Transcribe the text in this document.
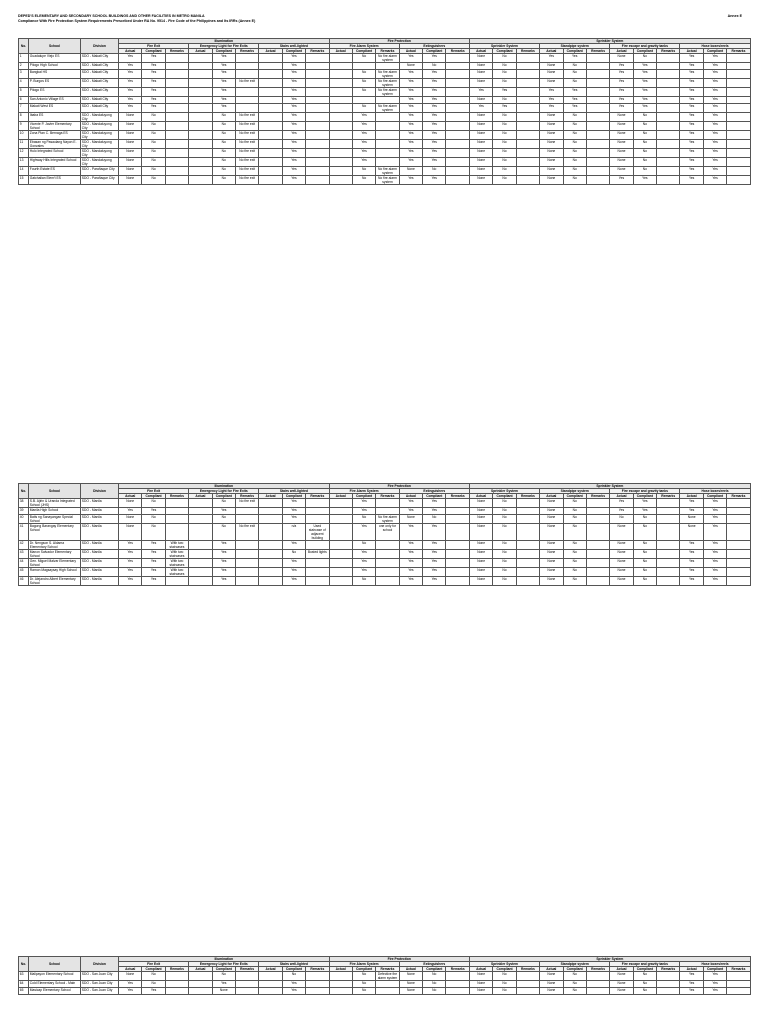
DEPED'S ELEMENTARY AND SECONDARY SCHOOL BUILDINGS AND OTHER FACILITIES IN METRO MANILA
Compliance With Fire Protection System Requirements Prescribed Under RA No. 9514 - Fire Code of the Philippines and Its IRRs (Annex E)
Annex E
No.	School	Division	Illumination									Fire Protection						Sprinkler System											
			Fire Exit			Emergency Light for Fire Exits			Stairs well-lighted			Fire Alarm System			Extinguishers			Sprinkler System			Standpipe system			Fire escape and gravity tanks			Hose boxes/reels		
			Actual	Compliant	Remarks	Actual	Compliant	Remarks	Actual	Compliant	Remarks	Actual	Compliant	Remarks	Actual	Compliant	Remarks	Actual	Compliant	Remarks	Actual	Compliant	Remarks	Actual	Compliant	Remarks	Actual	Compliant	Remarks
1	Guadalupe Viejo ES	SDO - Makati City	Yes	Yes			Yes			Yes			No	No fire alarm system	Yes	Yes		None	No		Yes	Yes		None	No		Yes	Yes	
2	Pitogo High School	SDO - Makati City	Yes	Yes			Yes			Yes					None	No		None	No		None	No		Yes	Yes		Yes	Yes	
3	Bangkal HS	SDO - Makati City	Yes	Yes			Yes			Yes			No	No fire alarm system	Yes	Yes		None	No		None	No		Yes	Yes		Yes	Yes	
4	P. Burgos ES	SDO - Makati City	Yes	Yes			Yes	No fire exit		Yes			No	No fire alarm system	Yes	Yes		None	No		None	No		Yes	Yes		Yes	Yes	
5	Pitogo ES	SDO - Makati City	Yes	Yes			Yes			Yes			No	No fire alarm system	Yes	Yes		Yes	Yes		Yes	Yes		Yes	Yes		Yes	Yes	
6	San Antonio Village ES	SDO - Makati City	Yes	Yes			Yes			Yes					Yes	Yes		None	No		Yes	Yes		Yes	Yes		Yes	Yes	
7	Makati West ES	SDO - Makati City	Yes	Yes			Yes			Yes			No	No fire alarm system	Yes	Yes		Yes	Yes		Yes	Yes		Yes	Yes		Yes	Yes	
8	Ibaba ES	SDO - Mandaluyong City	None	No			No	No fire exit		Yes			Yes		Yes	Yes		None	No		None	No		None	No		Yes	Yes	
9	Vicente P. Javier Elementary School	SDO - Mandaluyong City	None	No			No	No fire exit		Yes			Yes		Yes	Yes		None	No		None	No		None	No		Yes	Yes	
10	Zona Plan C. Bernaga ES	SDO - Mandaluyong City	None	No			No	No fire exit		Yes			Yes		Yes	Yes		None	No		None	No		None	No		Yes	Yes	
11	Ebasan ng Pasaulang Nayon E. Gonzales	SDO - Mandaluyong City	None	No			No	No fire exit		Yes			Yes		Yes	Yes		None	No		None	No		None	No		Yes	Yes	
12	Hulo Integrated School	SDO - Mandaluyong City	None	No			No	No fire exit		Yes			Yes		Yes	Yes		None	No		None	No		None	No		Yes	Yes	
13	Highway Hills Integrated School	SDO - Mandaluyong City	None	No			No	No fire exit		Yes			Yes		Yes	Yes		None	No		None	No		None	No		Yes	Yes	
14	Fourth Estate ES	SDO - Parañaque City	None	No			No	No fire exit		Yes			No	No fire alarm system	None	No		None	No		None	No		None	No		Yes	Yes	
15	Gatchalian Elem't ES	SDO - Parañaque City	None	No			No	No fire exit		Yes			No	No fire alarm system	Yes	Yes		None	No		None	No		Yes	Yes		Yes	Yes	
No.	School	Division	Illumination									Fire Protection						Sprinkler System											
			Fire Exit			Emergency Light for Fire Exits			Stairs well-lighted			Fire Alarm System			Extinguishers			Sprinkler System			Standpipe system			Fire escape and gravity tanks			Hose boxes/reels		
			Actual	Compliant	Remarks	Actual	Compliant	Remarks	Actual	Compliant	Remarks	Actual	Compliant	Remarks	Actual	Compliant	Remarks	Actual	Compliant	Remarks	Actual	Compliant	Remarks	Actual	Compliant	Remarks	Actual	Compliant	Remarks
38	S.B. Ajirin & Uranda Integrated School (JHS)	SDO - Manila	None	No			No	No fire exit		Yes			Yes		Yes	Yes		None	No		None	No		Yes	Yes		Yes	Yes	
39	Manila High School	SDO - Manila	Yes	Yes			Yes			Yes			Yes		Yes	Yes		None	No		None	No		Yes	Yes		Yes	Yes	
40	Batis ng Sanayangan Special School	SDO - Manila	None	No			No			Yes			No	No fire alarm system	None	No		None	No		None	No		No	No		None	Yes	
41	Bagong Barangay Elementary School	SDO - Manila	None	No			No	No fire exit		n/a	Used staircase of adjacent building		Yes	one only for school	Yes	Yes		None	No		None	No		None	No		None	Yes	
42	Dr. Nengson S. Aldama Elementary School	SDO - Manila	Yes	Yes	With two staircases		Yes			Yes			No		Yes	Yes		None	No		None	No		None	No		Yes	Yes	
43	Manon Salvador Elementary School	SDO - Manila	Yes	Yes	With two staircases		Yes			No	Busted lights		Yes		Yes	Yes		None	No		None	No		None	No		Yes	Yes	
44	Gen. Miguel Malvar Elementary School	SDO - Manila	Yes	Yes	With two staircases		Yes			Yes			Yes		Yes	Yes		None	No		None	No		None	No		Yes	Yes	
45	Ramon Magsaysay High School	SDO - Manila	Yes	Yes	With two staircases		Yes			Yes			Yes		Yes	Yes		None	No		None	No		None	No		Yes	Yes	
46	Dr. Alejandro Albert Elementary School	SDO - Manila	Yes	Yes			Yes			Yes			No		Yes	Yes		None	No		None	No		None	No		Yes	Yes	
No.	School	Division	Illumination									Fire Protection						Sprinkler System											
			Fire Exit			Emergency Light for Fire Exits			Stairs well-lighted			Fire Alarm System			Extinguishers			Sprinkler System			Standpipe system			Fire escape and gravity tanks			Hose boxes/reels		
			Actual	Compliant	Remarks	Actual	Compliant	Remarks	Actual	Compliant	Remarks	Actual	Compliant	Remarks	Actual	Compliant	Remarks	Actual	Compliant	Remarks	Actual	Compliant	Remarks	Actual	Compliant	Remarks	Actual	Compliant	Remarks
63	Malipayon Elementary School	SDO - San Juan City	None	No			No			No			No	Defective fire alarm system	None	No		None	No		None	No		None	No		Yes	Yes	
64	Cold Elementary School - Main	SDO - San Juan City	Yes	No			Yes			Yes			No		None	No		None	No		None	No		None	No		Yes	Yes	
65	Masicap Elementary School	SDO - San Juan City	Yes	Yes			None			Yes			No		None	No		None	No		None	No		None	No		Yes	Yes	
